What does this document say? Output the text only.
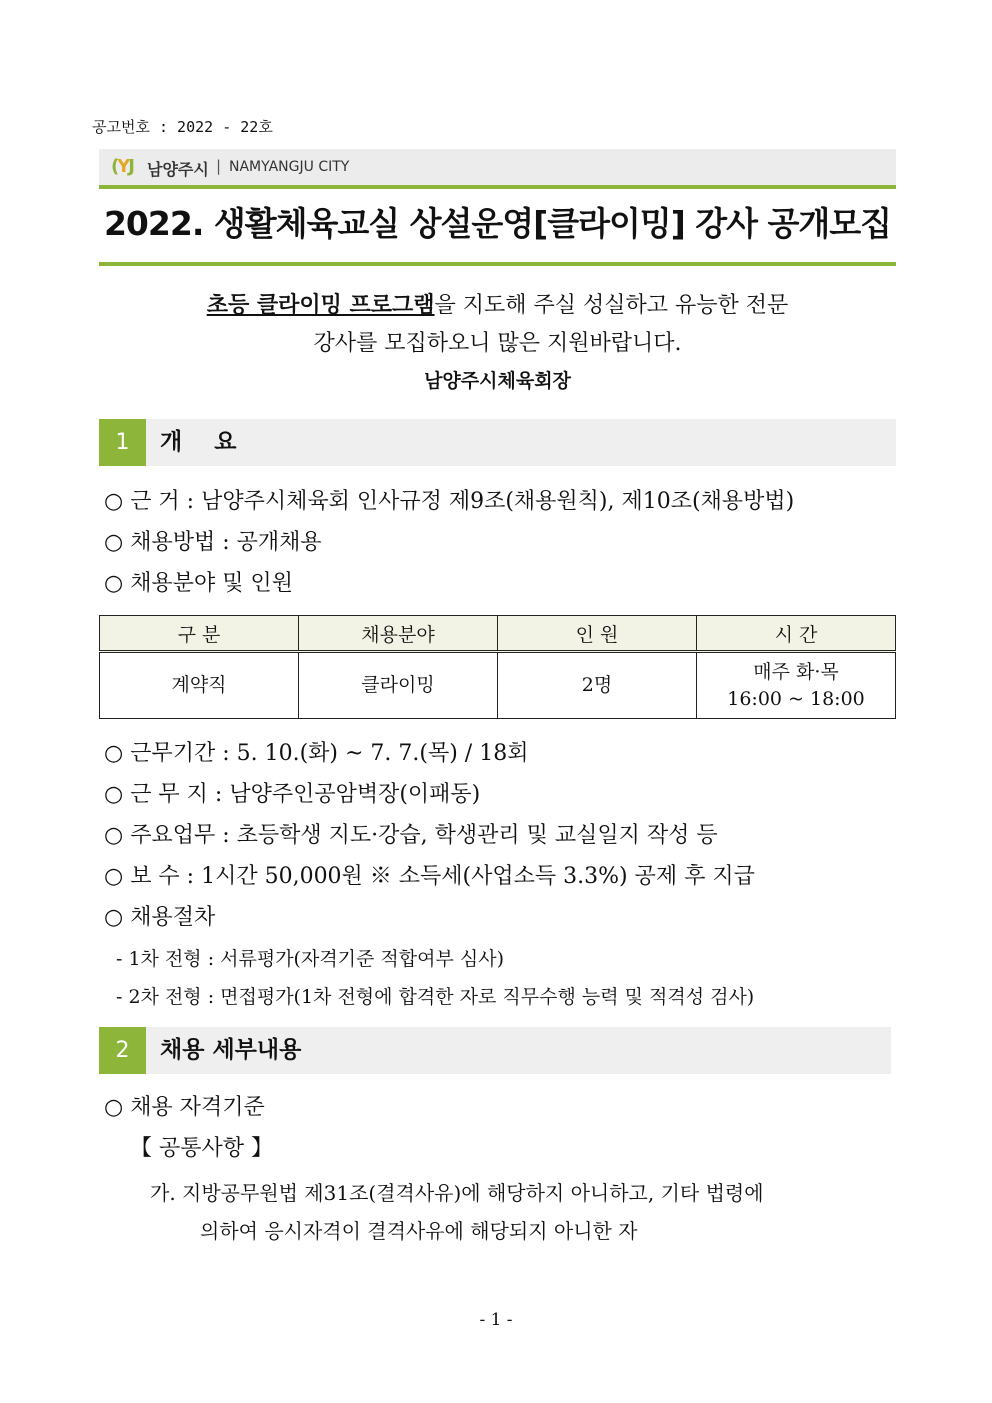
공고번호 : 2022 - 22호
(YJ 남양주시 | NAMYANGJU CITY
2022. 생활체육교실 상설운영[클라이밍] 강사 공개모집
초등 클라이밍 프로그램을 지도해 주실 성실하고 유능한 전문
강사를 모집하오니 많은 지원바랍니다.
남양주시체육회장
1	개    요
○ 근 거 : 남양주시체육회 인사규정 제9조(채용원칙), 제10조(채용방법)
○ 채용방법 : 공개채용
○ 채용분야 및 인원
구 분	채용분야	인 원	시 간
계약직	클라이밍	2명	매주 화·목
16:00 ~ 18:00
○ 근무기간 : 5. 10.(화) ~ 7. 7.(목) / 18회
○ 근 무 지 : 남양주인공암벽장(이패동)
○ 주요업무 : 초등학생 지도·강습, 학생관리 및 교실일지 작성 등
○ 보 수 : 1시간 50,000원 ※ 소득세(사업소득 3.3%) 공제 후 지급
○ 채용절차
- 1차 전형 : 서류평가(자격기준 적합여부 심사)
- 2차 전형 : 면접평가(1차 전형에 합격한 자로 직무수행 능력 및 적격성 검사)
2	채용 세부내용
○ 채용 자격기준
【 공통사항 】
가. 지방공무원법 제31조(결격사유)에 해당하지 아니하고, 기타 법령에
의하여 응시자격이 결격사유에 해당되지 아니한 자
- 1 -
